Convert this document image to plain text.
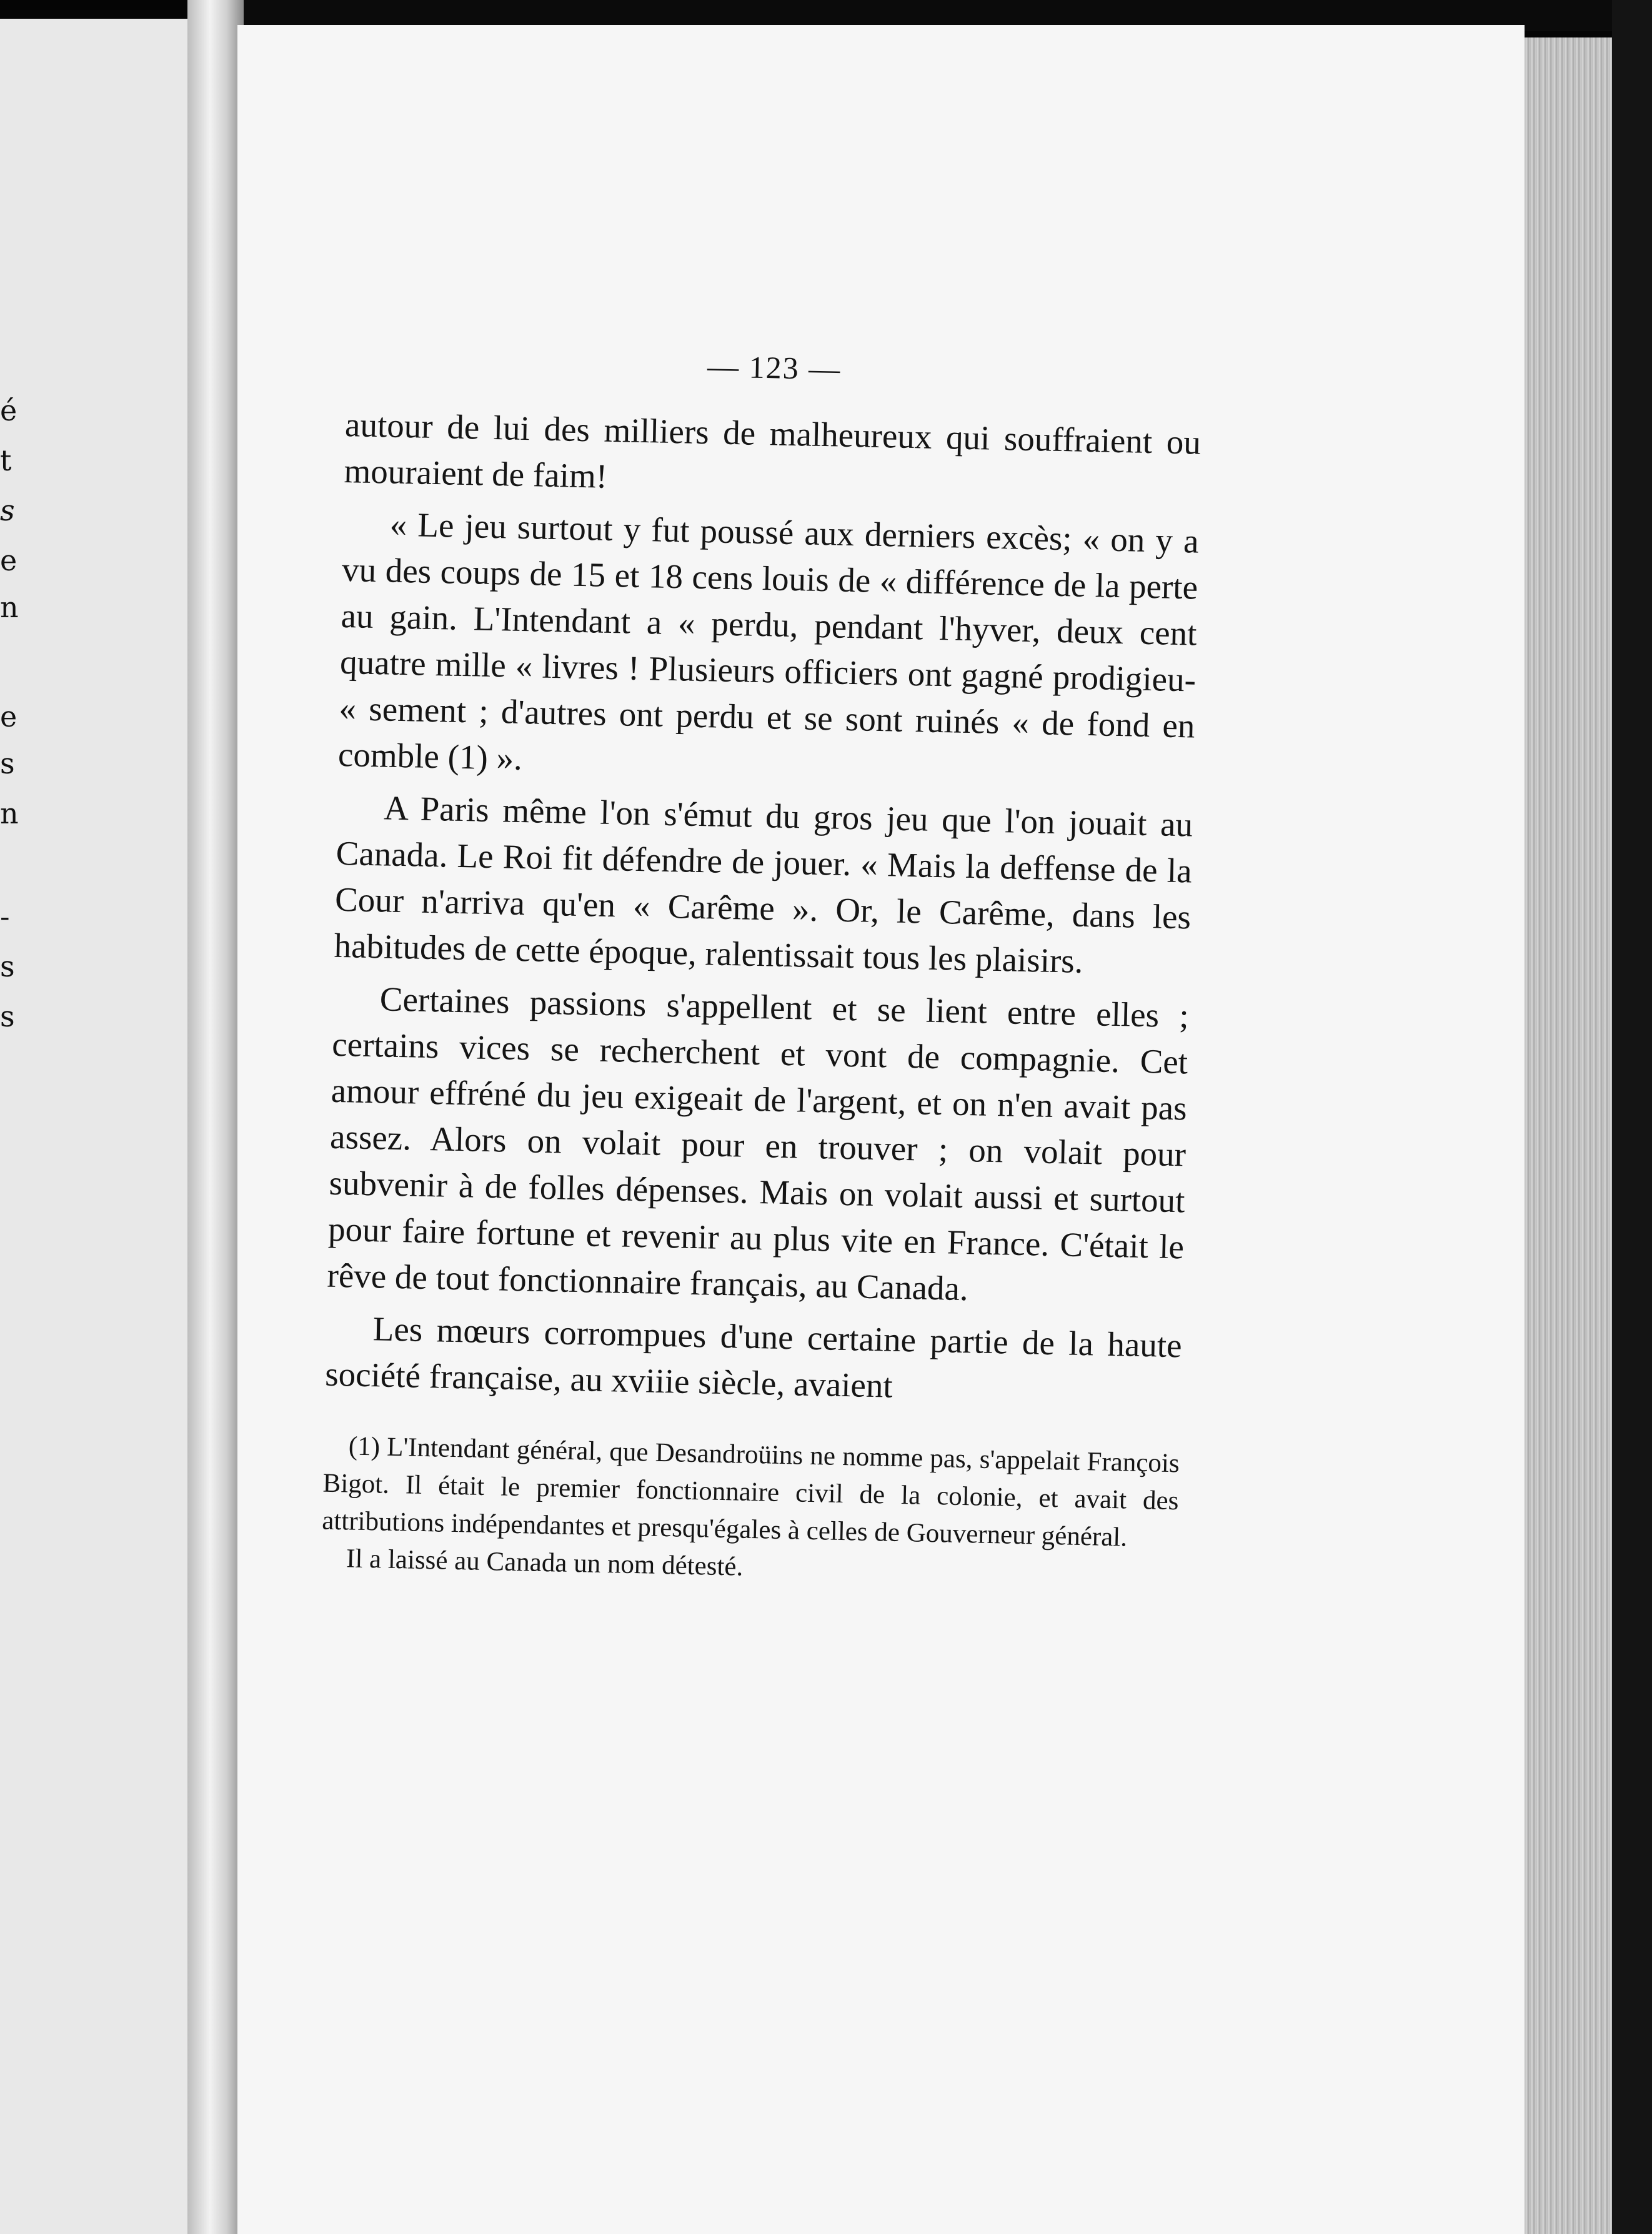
é
t
s
e
n
e
s
n
-
s
s
— 123 —

autour de lui des milliers de malheureux qui souffraient ou mouraient de faim!

« Le jeu surtout y fut poussé aux derniers excès; « on y a vu des coups de 15 et 18 cens louis de « différence de la perte au gain. L'Intendant a « perdu, pendant l'hyver, deux cent quatre mille « livres ! Plusieurs officiers ont gagné prodigieu- « sement ; d'autres ont perdu et se sont ruinés « de fond en comble (1) ».

A Paris même l'on s'émut du gros jeu que l'on jouait au Canada. Le Roi fit défendre de jouer. « Mais la deffense de la Cour n'arriva qu'en « Carême ». Or, le Carême, dans les habitudes de cette époque, ralentissait tous les plaisirs.

Certaines passions s'appellent et se lient entre elles ; certains vices se recherchent et vont de compagnie. Cet amour effréné du jeu exigeait de l'argent, et on n'en avait pas assez. Alors on volait pour en trouver ; on volait pour subvenir à de folles dépenses. Mais on volait aussi et surtout pour faire fortune et revenir au plus vite en France. C'était le rêve de tout fonctionnaire français, au Canada.

Les mœurs corrompues d'une certaine partie de la haute société française, au xviiie siècle, avaient

(1) L'Intendant général, que Desandroüins ne nomme pas, s'appelait François Bigot. Il était le premier fonctionnaire civil de la colonie, et avait des attributions indépendantes et presqu'égales à celles de Gouverneur général.
Il a laissé au Canada un nom détesté.
